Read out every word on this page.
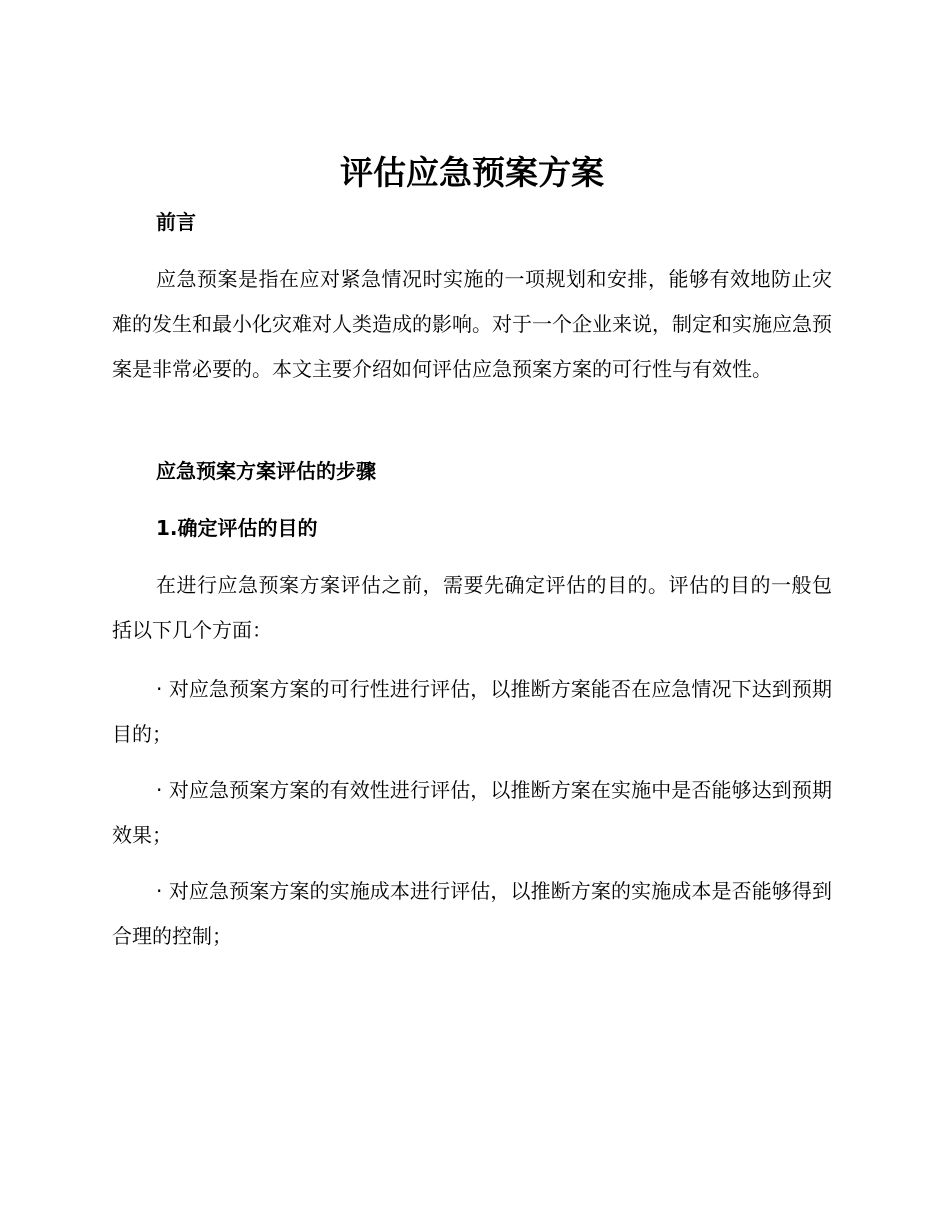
评估应急预案方案
前言

应急预案是指在应对紧急情况时实施的一项规划和安排，能够有效地防止灾难的发生和最小化灾难对人类造成的影响。对于一个企业来说，制定和实施应急预案是非常必要的。本文主要介绍如何评估应急预案方案的可行性与有效性。

应急预案方案评估的步骤
1.确定评估的目的

在进行应急预案方案评估之前，需要先确定评估的目的。评估的目的一般包括以下几个方面：

· 对应急预案方案的可行性进行评估，以推断方案能否在应急情况下达到预期目的；

· 对应急预案方案的有效性进行评估，以推断方案在实施中是否能够达到预期效果；

· 对应急预案方案的实施成本进行评估，以推断方案的实施成本是否能够得到合理的控制；
